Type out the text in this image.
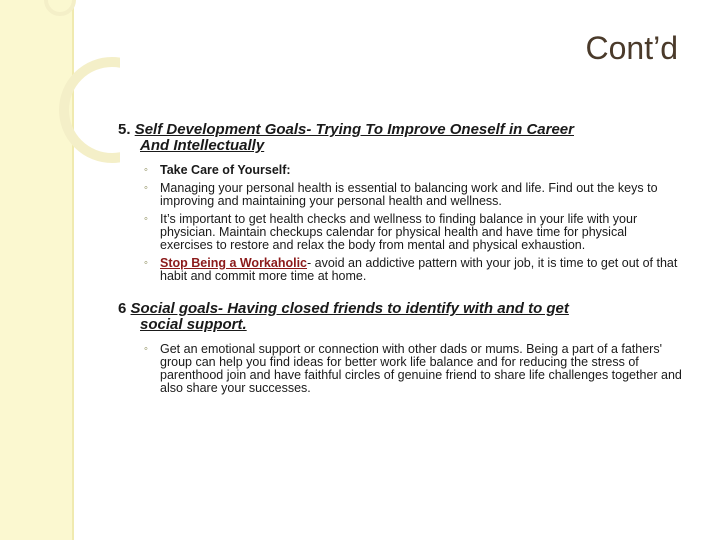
Cont’d
5. Self Development Goals- Trying To Improve Oneself in Career
And Intellectually
◦ Take Care of Yourself:
◦ Managing your personal health is essential to balancing work and life. Find out the keys to improving and maintaining your personal health and wellness.
◦ It’s important to get health checks and wellness to finding balance in your life with your physician. Maintain checkups calendar for physical health and have time for physical exercises to restore and relax the body from mental and physical exhaustion.
◦ Stop Being a Workaholic- avoid an addictive pattern with your job, it is time to get out of that habit and commit more time at home.
6 Social goals- Having closed friends to identify with and to get
social support.
◦ Get an emotional support or connection with other dads or mums. Being a part of a fathers' group can help you find ideas for better work life balance and for reducing the stress of parenthood join and have faithful circles of genuine friend to share life challenges together and also share your successes.
